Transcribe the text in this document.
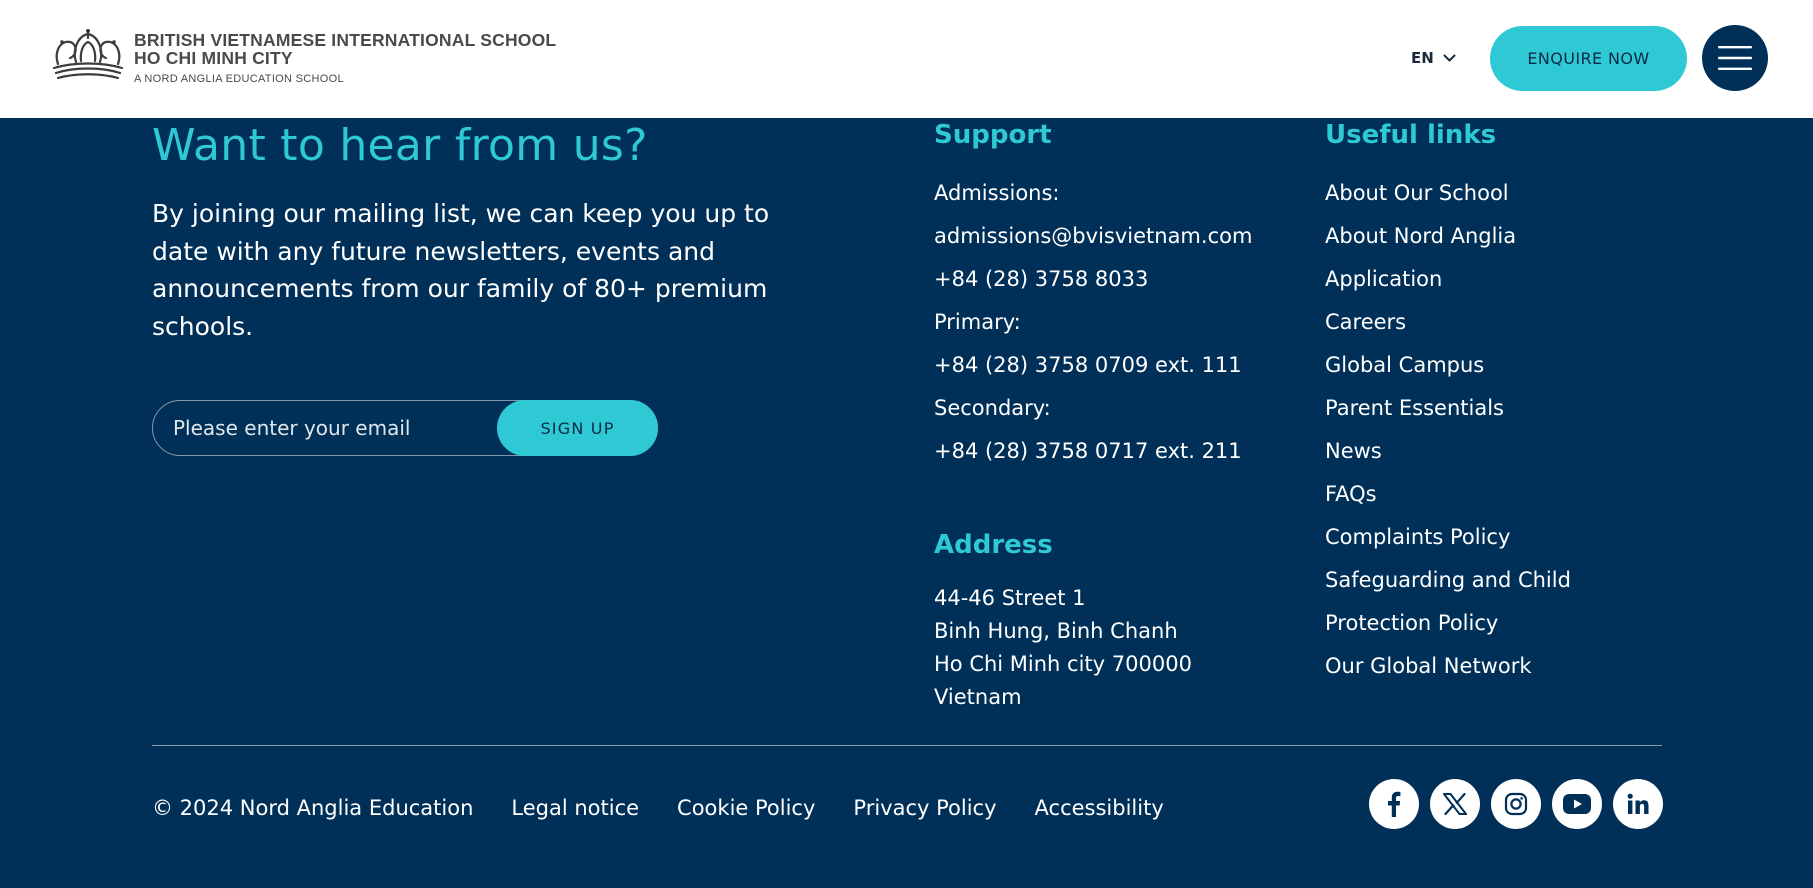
BRITISH VIETNAMESE INTERNATIONAL SCHOOL
HO CHI MINH CITY
A NORD ANGLIA EDUCATION SCHOOL
EN	ENQUIRE NOW
Want to hear from us?

By joining our mailing list, we can keep you up to date with any future newsletters, events and announcements from our family of 80+ premium schools.

Please enter your email
SIGN UP
Support
Admissions:
admissions@bvisvietnam.com
+84 (28) 3758 8033
Primary:
+84 (28) 3758 0709 ext. 111
Secondary:
+84 (28) 3758 0717 ext. 211
Address
44-46 Street 1
Binh Hung, Binh Chanh
Ho Chi Minh city 700000
Vietnam
Useful links
About Our School
About Nord Anglia
Application
Careers
Global Campus
Parent Essentials
News
FAQs
Complaints Policy
Safeguarding and Child
Protection Policy
Our Global Network
© 2024 Nord Anglia Education Legal notice Cookie Policy Privacy Policy Accessibility
